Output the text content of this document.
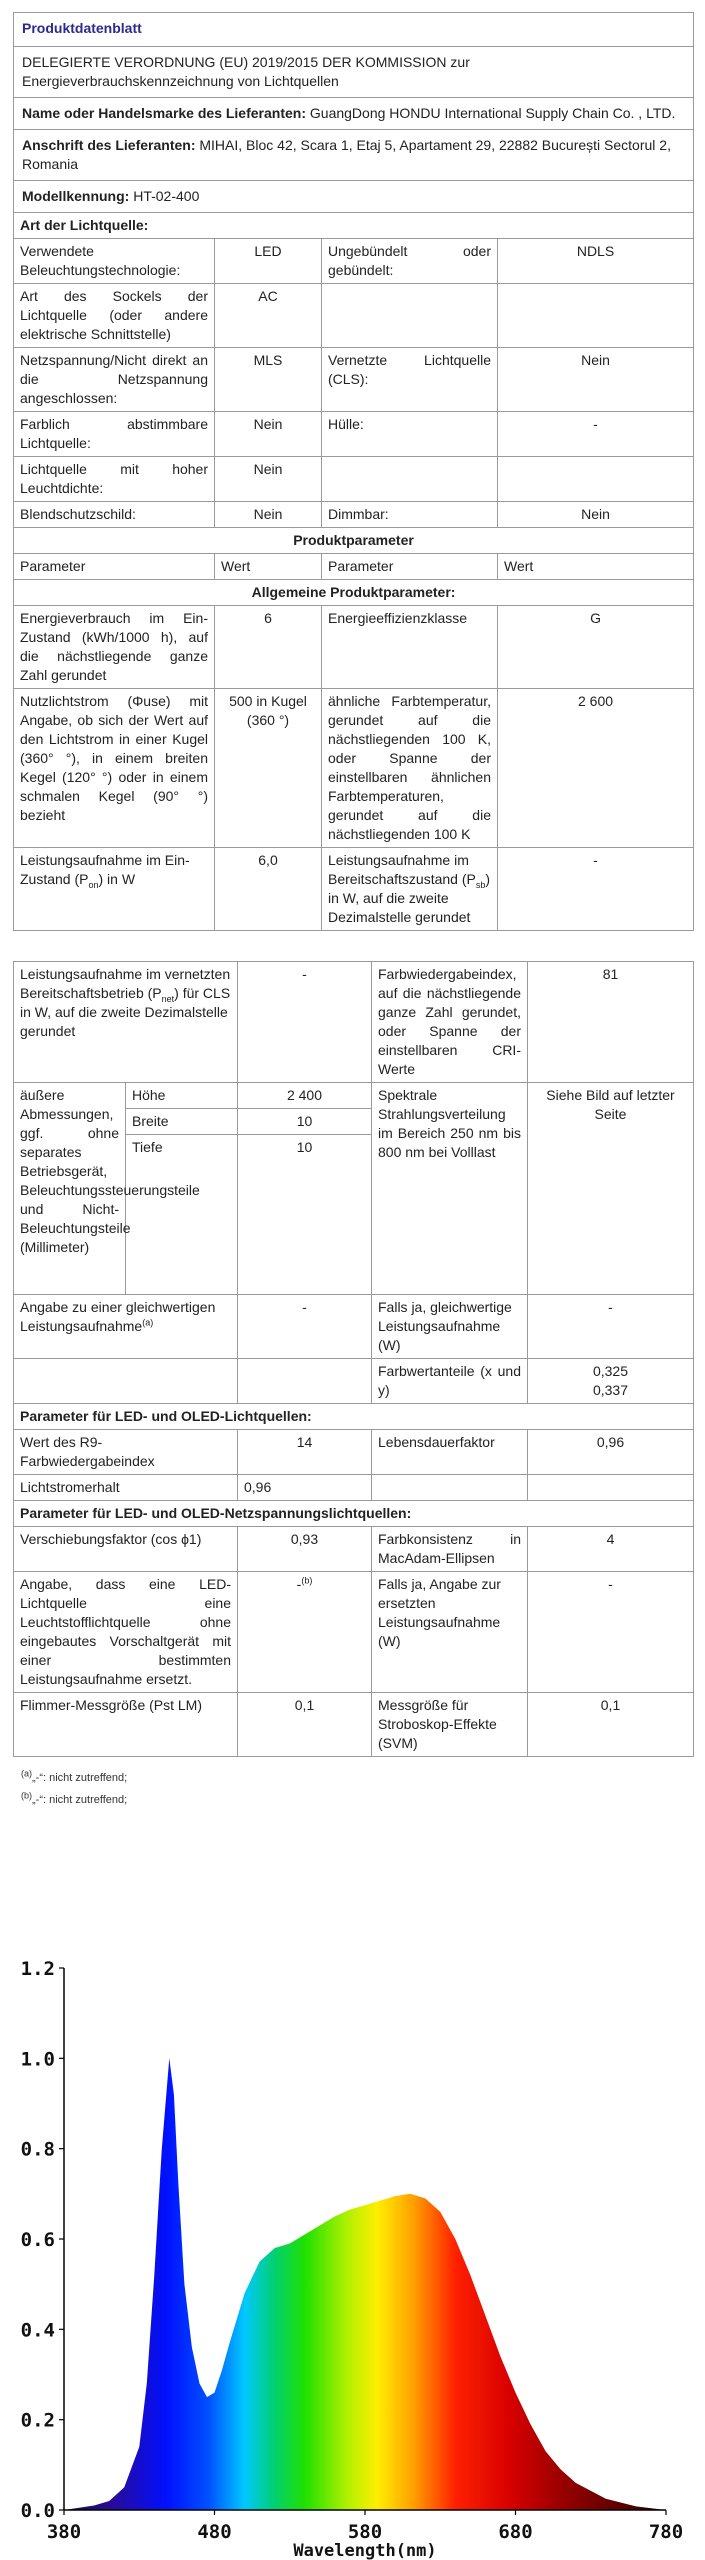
Produktdatenblatt			
DELEGIERTE VERORDNUNG (EU) 2019/2015 DER KOMMISSION zur Energieverbrauchskennzeichnung von Lichtquellen			
Name oder Handelsmarke des Lieferanten: GuangDong HONDU International Supply Chain Co. , LTD.			
Anschrift des Lieferanten: MIHAI, Bloc 42, Scara 1, Etaj 5, Apartament 29, 22882 București Sectorul 2, Romania			
Modellkennung: HT-02-400			
Art der Lichtquelle:			
Verwendete Beleuchtungstechnologie:	LED	Ungebündelt oder gebündelt:	NDLS
Art des Sockels der Lichtquelle (oder andere elektrische Schnittstelle)	AC		
Netzspannung/Nicht direkt an die Netzspannung angeschlossen:	MLS	Vernetzte Lichtquelle (CLS):	Nein
Farblich abstimmbare Lichtquelle:	Nein	Hülle:	-
Lichtquelle mit hoher Leuchtdichte:	Nein		
Blendschutzschild:	Nein	Dimmbar:	Nein
Produktparameter			
Parameter	Wert	Parameter	Wert
Allgemeine Produktparameter:			
Energieverbrauch im Ein-Zustand (kWh/1000 h), auf die nächstliegende ganze Zahl gerundet	6	Energieeffizienzklasse	G
Nutzlichtstrom (Φuse) mit Angabe, ob sich der Wert auf den Lichtstrom in einer Kugel (360° °), in einem breiten Kegel (120° °) oder in einem schmalen Kegel (90° °) bezieht	500 in Kugel (360 °)	ähnliche Farbtemperatur, gerundet auf die nächstliegenden 100 K, oder Spanne der einstellbaren ähnlichen Farbtemperaturen, gerundet auf die nächstliegenden 100 K	2 600
Leistungsaufnahme im Ein-Zustand $(P_{on})$ in W	6,0	Leistungsaufnahme im Bereitschaftszustand $(P_{sb})$ in W, auf die zweite Dezimalstelle gerundet	-
Leistungsaufnahme im vernetzten Bereitschaftsbetrieb $(P_{net})$ für CLS in W, auf die zweite Dezimalstelle gerundet		-	Farbwiedergabeindex, auf die nächstliegende ganze Zahl gerundet, oder Spanne der einstellbaren CRI-Werte	81
äußere Abmessungen, ggf. ohne separates Betriebsgerät, Beleuchtungssteuerungsteile und Nicht-Beleuchtungsteile (Millimeter)	Höhe	2 400	Spektrale Strahlungsverteilung im Bereich 250 nm bis 800 nm bei Volllast	Siehe Bild auf letzter Seite
	Breite	10		
	Tiefe	10		
Angabe zu einer gleichwertigen Leistungsaufnahme$^{(a)}$		-	Falls ja, gleichwertige Leistungsaufnahme (W)	-
			Farbwertanteile (x und y)	0,325
0,337

Parameter für LED- und OLED-Lichtquellen:				
Wert des R9-Farbwiedergabeindex		14	Lebensdauerfaktor	0,96
Lichtstromerhalt		0,96		
Parameter für LED- und OLED-Netzspannungslichtquellen:				
Verschiebungsfaktor (cos ϕ1)		0,93	Farbkonsistenz in MacAdam-Ellipsen	4
Angabe, dass eine LED-Lichtquelle eine Leuchtstofflichtquelle ohne eingebautes Vorschaltgerät mit einer bestimmten Leistungsaufnahme ersetzt.		-$^{(b)}$	Falls ja, Angabe zur ersetzten Leistungsaufnahme (W)	-
Flimmer-Messgröße (Pst LM)		0,1	Messgröße für Stroboskop-Effekte (SVM)	0,1
$^{(a)}$„-“: nicht zutreffend;
$^{(b)}$„-“: nicht zutreffend;
0.0
0.2
0.4
0.6
0.8
1.0
1.2
380	480	580	680	780
Wavelength(nm)
